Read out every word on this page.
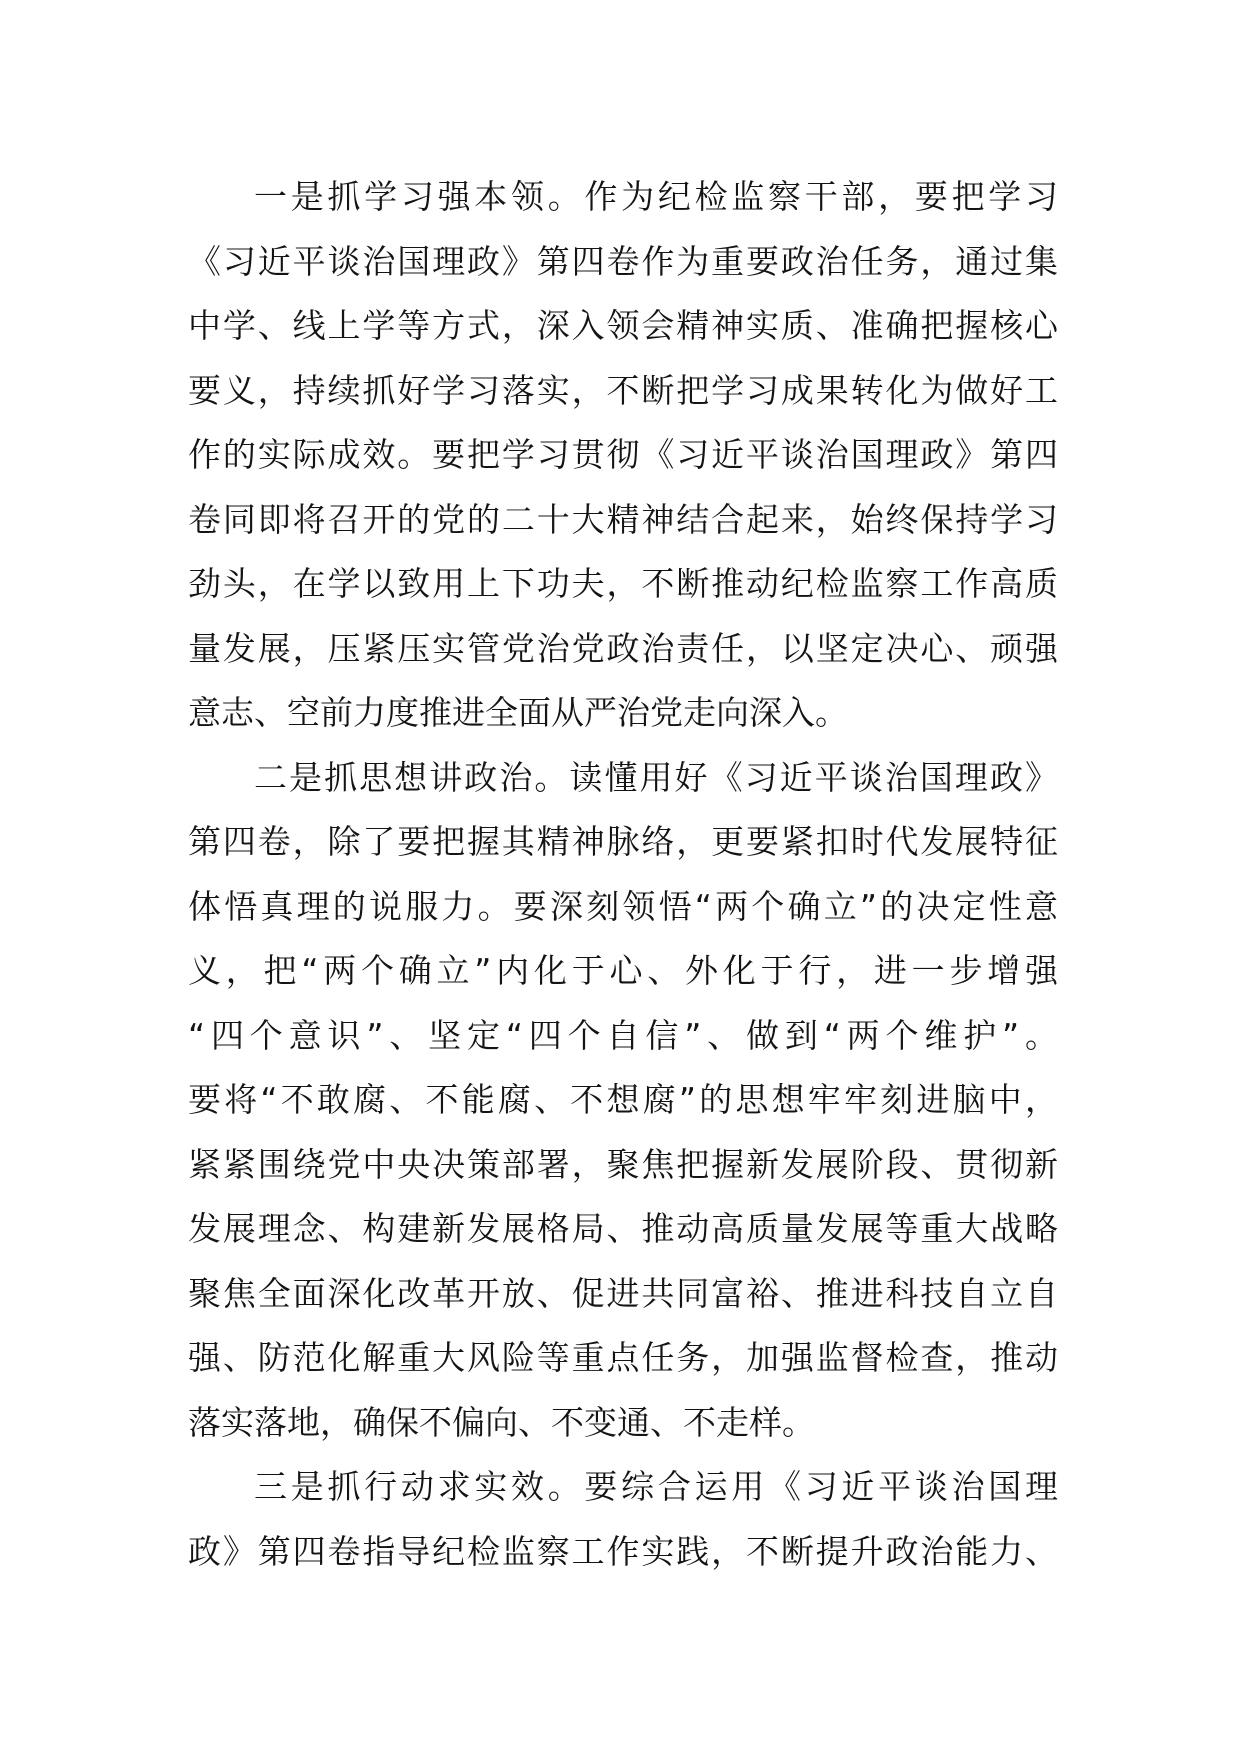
一是抓学习强本领。作为纪检监察干部，要把学习
《习近平谈治国理政》第四卷作为重要政治任务，通过集
中学、线上学等方式，深入领会精神实质、准确把握核心
要义，持续抓好学习落实，不断把学习成果转化为做好工
作的实际成效。要把学习贯彻《习近平谈治国理政》第四
卷同即将召开的党的二十大精神结合起来，始终保持学习
劲头，在学以致用上下功夫，不断推动纪检监察工作高质
量发展，压紧压实管党治党政治责任，以坚定决心、顽强
意志、空前力度推进全面从严治党走向深入。
二是抓思想讲政治。读懂用好《习近平谈治国理政》
第四卷，除了要把握其精神脉络，更要紧扣时代发展特征
体悟真理的说服力。要深刻领悟“两个确立”的决定性意
义，把“两个确立”内化于心、外化于行，进一步增强
“四个意识”、坚定“四个自信”、做到“两个维护”。
要将“不敢腐、不能腐、不想腐”的思想牢牢刻进脑中，
紧紧围绕党中央决策部署，聚焦把握新发展阶段、贯彻新
发展理念、构建新发展格局、推动高质量发展等重大战略
聚焦全面深化改革开放、促进共同富裕、推进科技自立自
强、防范化解重大风险等重点任务，加强监督检查，推动
落实落地，确保不偏向、不变通、不走样。
三是抓行动求实效。要综合运用《习近平谈治国理
政》第四卷指导纪检监察工作实践，不断提升政治能力、
